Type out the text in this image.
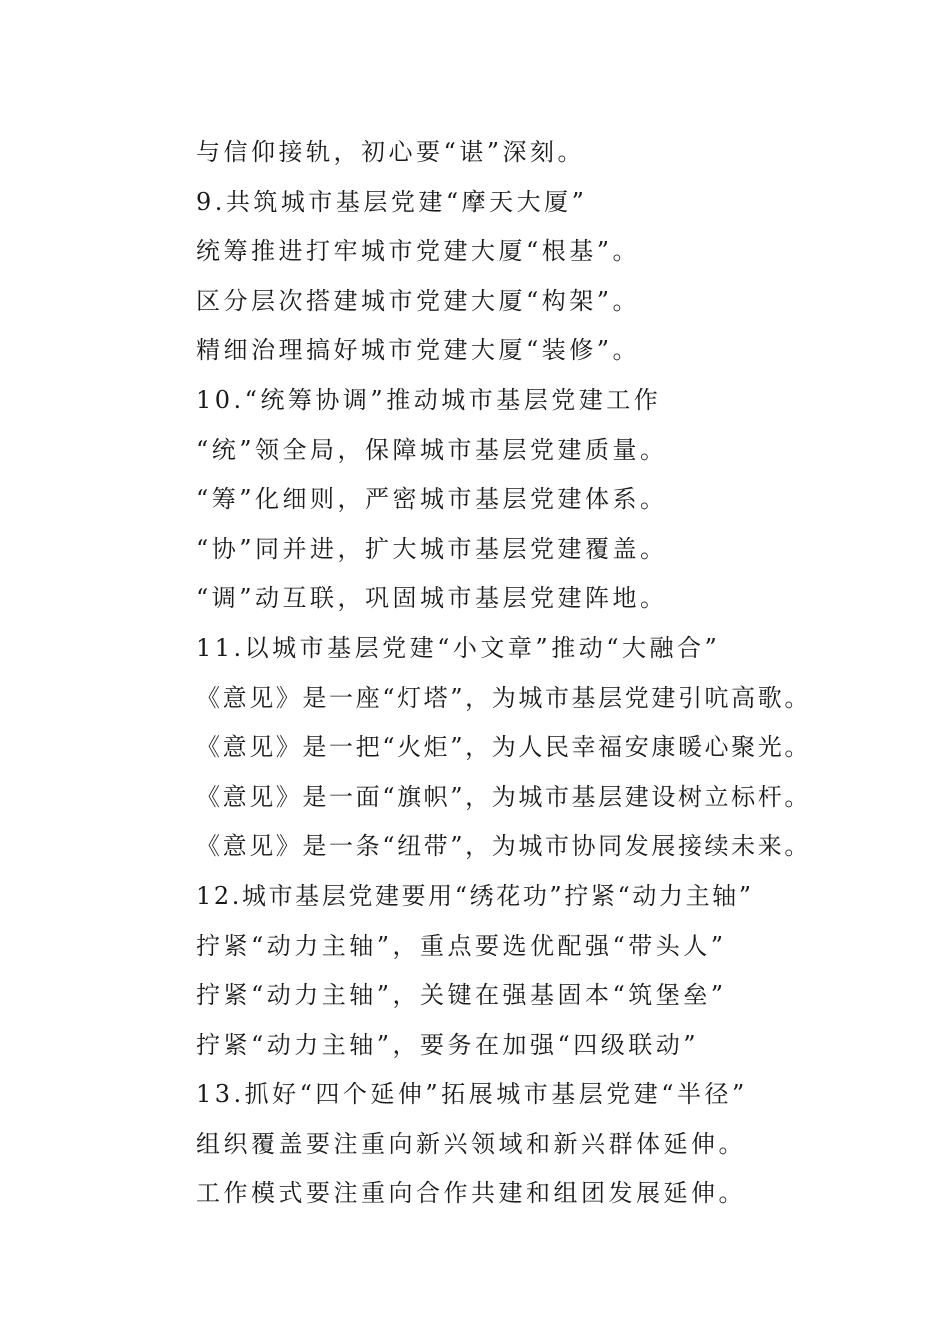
与信仰接轨，初心要“谌”深刻。
9.共筑城市基层党建“摩天大厦”
统筹推进打牢城市党建大厦“根基”。
区分层次搭建城市党建大厦“构架”。
精细治理搞好城市党建大厦“装修”。
10.“统筹协调”推动城市基层党建工作
“统”领全局，保障城市基层党建质量。
“筹”化细则，严密城市基层党建体系。
“协”同并进，扩大城市基层党建覆盖。
“调”动互联，巩固城市基层党建阵地。
11.以城市基层党建“小文章”推动“大融合”
《意见》是一座“灯塔”，为城市基层党建引吭高歌。
《意见》是一把“火炬”，为人民幸福安康暖心聚光。
《意见》是一面“旗帜”，为城市基层建设树立标杆。
《意见》是一条“纽带”，为城市协同发展接续未来。
12.城市基层党建要用“绣花功”拧紧“动力主轴”
拧紧“动力主轴”，重点要选优配强“带头人”
拧紧“动力主轴”，关键在强基固本“筑堡垒”
拧紧“动力主轴”，要务在加强“四级联动”
13.抓好“四个延伸”拓展城市基层党建“半径”
组织覆盖要注重向新兴领域和新兴群体延伸。
工作模式要注重向合作共建和组团发展延伸。
